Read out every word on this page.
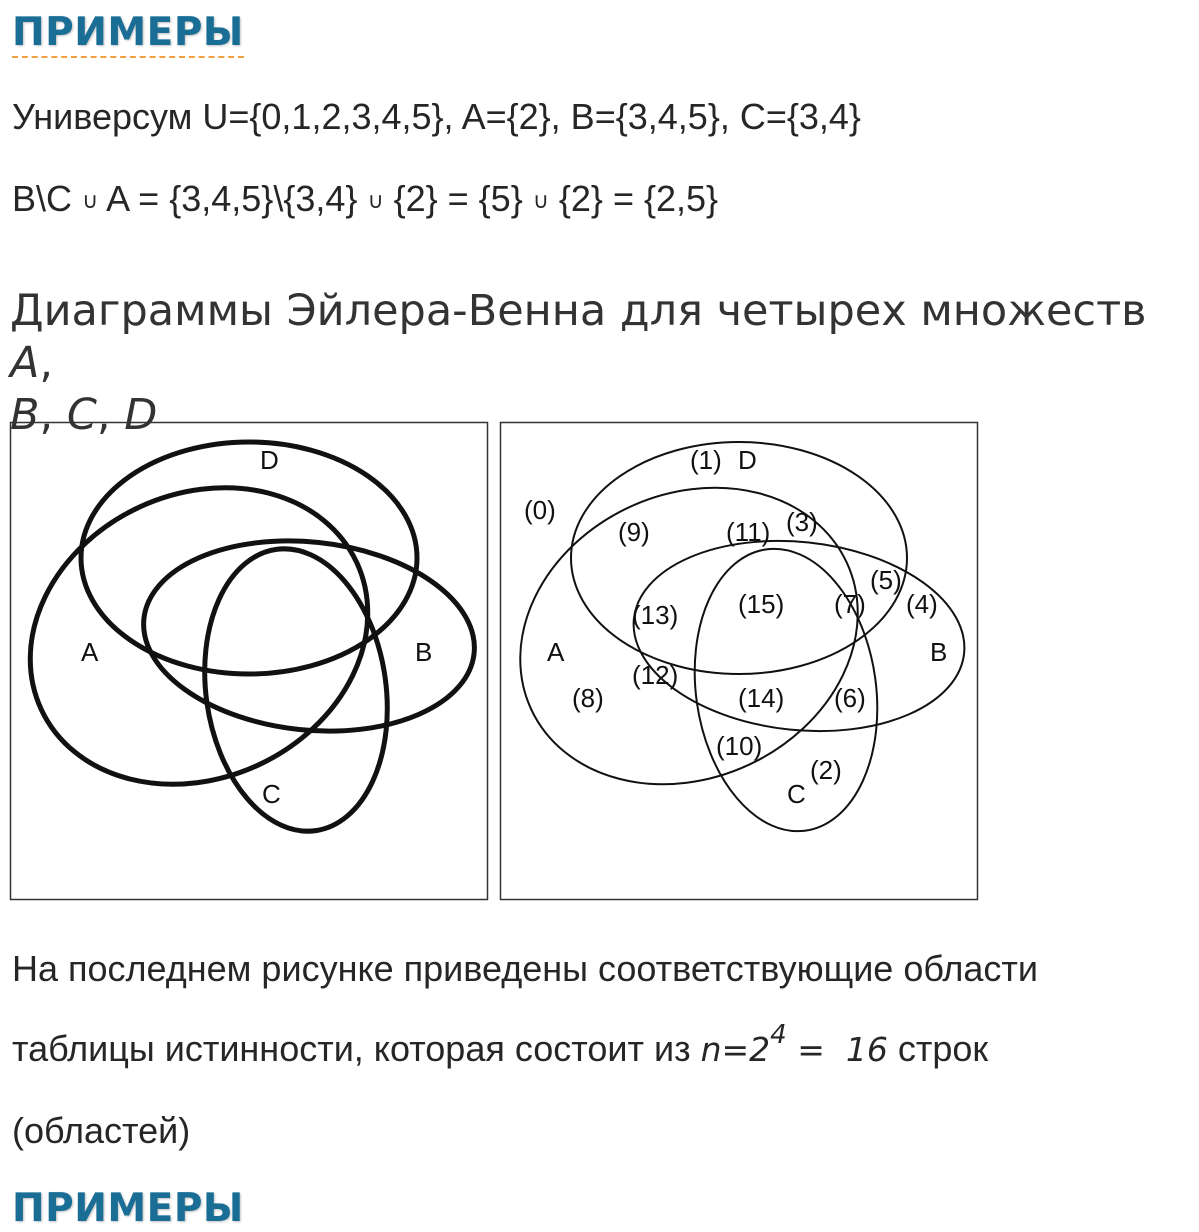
ПРИМЕРЫ

Универсум U={0,1,2,3,4,5}, A={2}, B={3,4,5}, C={3,4}

B\C ∪ A = {3,4,5}\{3,4} ∪ {2} = {5} ∪ {2} = {2,5}

Диаграммы Эйлера-Венна для четырех множеств A,
B, C, D
D
A	B
C
D
A	B
C
(0)
(1)
(2)
(3)
(4)
(5)
(6)
(7)
(8)
(9)
(10)
(11)
(12)
(13)
(14)
(15)

На последнем рисунке приведены соответствующие области

таблицы истинности, которая состоит из $n=2^4 = 16$ строк

(областей)

ПРИМЕРЫ
